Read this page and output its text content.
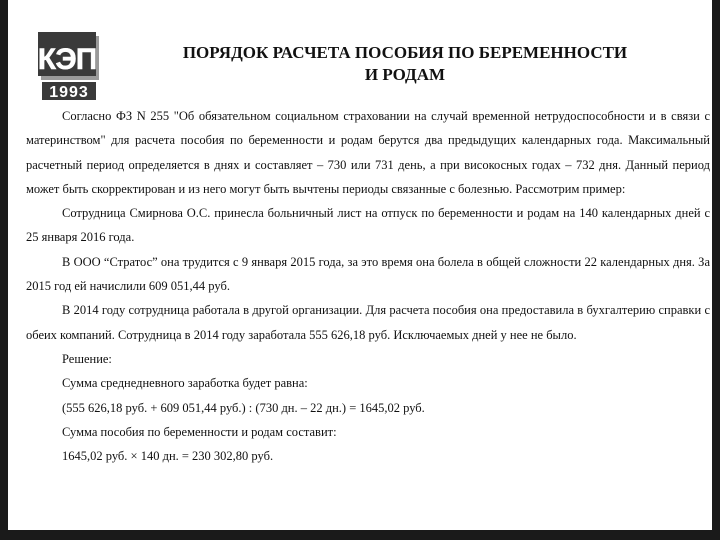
КЭП
1993
ПОРЯДОК РАСЧЕТА ПОСОБИЯ ПО БЕРЕМЕННОСТИ
И РОДАМ

Согласно ФЗ N 255 "Об обязательном социальном страховании на случай временной нетрудоспособности и в связи с материнством" для расчета пособия по беременности и родам берутся два предыдущих календарных года. Максимальный расчетный период определяется в днях и составляет – 730 или 731 день, а при високосных годах – 732 дня. Данный период может быть скорректирован и из него могут быть вычтены периоды связанные с болезнью. Рассмотрим пример:

Сотрудница Смирнова О.С. принесла больничный лист на отпуск по беременности и родам на 140 календарных дней с 25 января 2016 года.

В ООО “Стратос” она трудится с 9 января 2015 года, за это время она болела в общей сложности 22 календарных дня. За 2015 год ей начислили 609 051,44 руб.

В 2014 году сотрудница работала в другой организации. Для расчета пособия она предоставила в бухгалтерию справки с обеих компаний. Сотрудница в 2014 году заработала 555 626,18 руб. Исключаемых дней у нее не было.

Решение:

Сумма среднедневного заработка будет равна:

(555 626,18 руб. + 609 051,44 руб.) : (730 дн. – 22 дн.) = 1645,02 руб.

Сумма пособия по беременности и родам составит:

1645,02 руб. × 140 дн. = 230 302,80 руб.
